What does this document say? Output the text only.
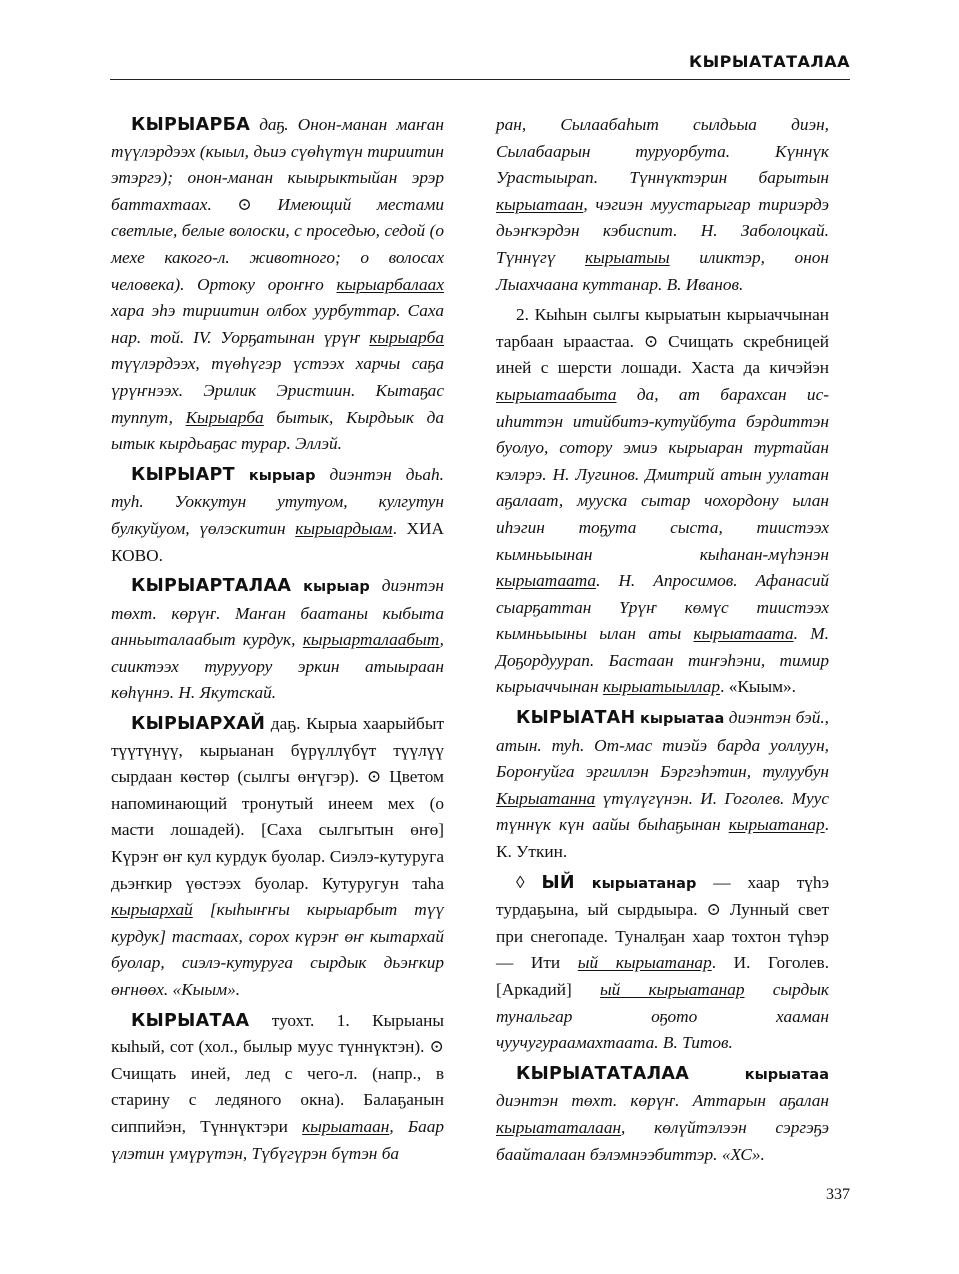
КЫРЫАТАТАЛАА

КЫРЫАРБА даҕ. Онон-манан маҥан түүлэрдээх (кыыл, дьиэ сүөһүтүн тириитин этэргэ); онон-манан кыырыктыйан эрэр баттахтаах. ⊙ Имеющий местами светлые, белые волоски, с проседью, седой (о мехе какого-л. животного; о волосах человека). Ортоку ороҥҥо кырыарбалаах хара эһэ тириитин олбох уурбуттар. Саха нар. той. IV. Уорҕатынан үрүҥ кырыарба түүлэрдээх, түөһүгэр үстээх харчы саҕа үрүҥнээх. Эрилик Эристиин. Кытаҕас туппут, Кырыарба бытык, Кырдьык да ытык кырдьаҕас турар. Эллэй.

КЫРЫАРТ кырыар диэнтэн дьаһ. туһ. Уоккутун утутуом, кулгутун булкуйуом, үөлэскитин кырыардыам. ХИА КОВО.

КЫРЫАРТАЛАА кырыар диэнтэн төхт. көрүҥ. Маҥан баатаны кыбыта анньыталаабыт курдук, кырыарталаабыт, сииктээх турууору эркин атыыраан көһүннэ. Н. Якутскай.

КЫРЫАРХАЙ даҕ. Кырыа хаарыйбыт түүтүнүү, кырыанан бүрүллүбүт түүлүү сырдаан көстөр (сылгы өҥүгэр). ⊙ Цветом напоминающий тронутый инеем мех (о масти лошадей). [Саха сылгытын өҥө] Күрэҥ өҥ кул курдук буолар. Сиэлэ-кутуруга дьэҥкир үөстээх буолар. Кутуругун таһа кырыархай [кыһыҥҥы кырыарбыт түү курдук] тастаах, сорох күрэҥ өҥ кытархай буолар, сиэлэ-кутуруга сырдык дьэҥкир өҥнөөх. «Кыым».

КЫРЫАТАА туохт. 1. Кырыаны кыһый, сот (хол., былыр муус түннүктэн). ⊙ Счищать иней, лед с чего-л. (напр., в старину с ледяного окна). Балаҕанын сиппийэн, Түннүктэри кырыатаан, Баар үлэтин үмүрүтэн, Түбүгүрэн бүтэн ба

ран, Сылаабаһыт сылдьыа диэн, Сылабаарын туруорбута. Күннүк Урастыырап. Түннүктэрин барытын кырыатаан, чэгиэн муустарыгар тириэрдэ дьэҥкэрдэн кэбиспит. Н. Заболоцкай. Түннүгү кырыатыы иликтэр, онон Лыахчаана куттанар. В. Иванов.

2. Кыһын сылгы кырыатын кырыаччынан тарбаан ыраастаа. ⊙ Счищать скребницей иней с шерсти лошади. Хаста да кичэйэн кырыатаабыта да, ат барахсан ис-иһиттэн итийбитэ-кутуйбута бэрдиттэн буолуо, сотору эмиэ кырыаран туртайан кэлэрэ. Н. Лугинов. Дмитрий атын уулатан аҕалаат, мууска сытар чохордону ылан иһэгин тоҕута сыста, тиистээх кымньыынан кыһанан-мүһэнэн кырыатаата. Н. Апросимов. Афанасий сыарҕаттан Үрүҥ көмүс тиистээх кымньыыны ылан аты кырыатаата. М. Доҕордуурап. Бастаан тиҥэһэни, тимир кырыаччынан кырыатыыллар. «Кыым».

КЫРЫАТАН кырыатаа диэнтэн бэй., атын. туһ. От-мас тиэйэ барда уоллуун, Бороҥуйга эргиллэн Бэргэһэтин, тулуубун Кырыатанна үтүлүгүнэн. И. Гоголев. Муус түннүк күн аайы быһаҕынан кырыатанар. К. Уткин.

◊ ЫЙ кырыатанар — хаар түһэ турдаҕына, ый сырдыыра. ⊙ Лунный свет при снегопаде. Туналҕан хаар тохтон түһэр — Ити ый кырыатанар. И. Гоголев. [Аркадий] ый кырыатанар сырдык тунальгар оҕото хааман чуучугураамахтаата. В. Титов.

КЫРЫАТАТАЛАА	кырыатаа диэнтэн төхт. көрүҥ. Аттарын аҕалан кырыататалаан, көлүйтэлээн сэргэҕэ баайталаан бэлэмнээбиттэр. «ХС».

337
